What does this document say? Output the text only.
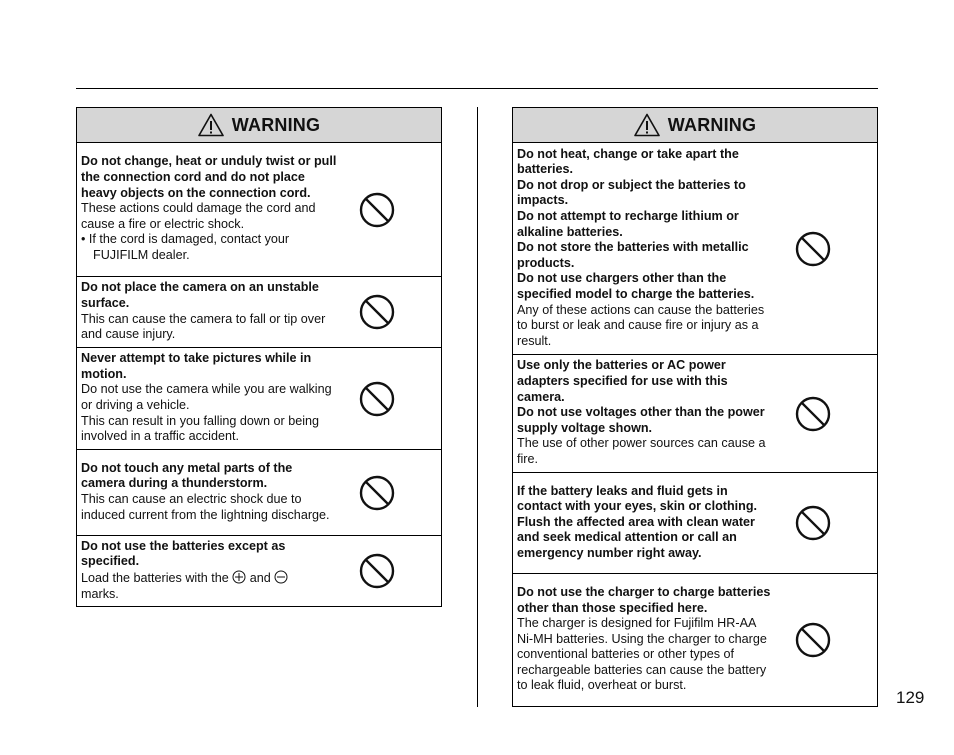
WARNING
Do not change, heat or unduly twist or pull the connection cord and do not place heavy objects on the connection cord.
These actions could damage the cord and cause a fire or electric shock.
• If the cord is damaged, contact your FUJIFILM dealer.
Do not place the camera on an unstable surface.
This can cause the camera to fall or tip over and cause injury.
Never attempt to take pictures while in motion.
Do not use the camera while you are walking or driving a vehicle.
This can result in you falling down or being involved in a traffic accident.
Do not touch any metal parts of the camera during a thunderstorm.
This can cause an electric shock due to induced current from the lightning discharge.
Do not use the batteries except as specified.
Load the batteries with the and
marks.
WARNING
Do not heat, change or take apart the batteries.
Do not drop or subject the batteries to impacts.
Do not attempt to recharge lithium or alkaline batteries.
Do not store the batteries with metallic products.
Do not use chargers other than the specified model to charge the batteries.
Any of these actions can cause the batteries to burst or leak and cause fire or injury as a result.
Use only the batteries or AC power adapters specified for use with this camera.
Do not use voltages other than the power supply voltage shown.
The use of other power sources can cause a fire.
If the battery leaks and fluid gets in contact with your eyes, skin or clothing. Flush the affected area with clean water and seek medical attention or call an emergency number right away.
Do not use the charger to charge batteries other than those specified here.
The charger is designed for Fujifilm HR-AA Ni-MH batteries. Using the charger to charge conventional batteries or other types of rechargeable batteries can cause the battery to leak fluid, overheat or burst.
129
